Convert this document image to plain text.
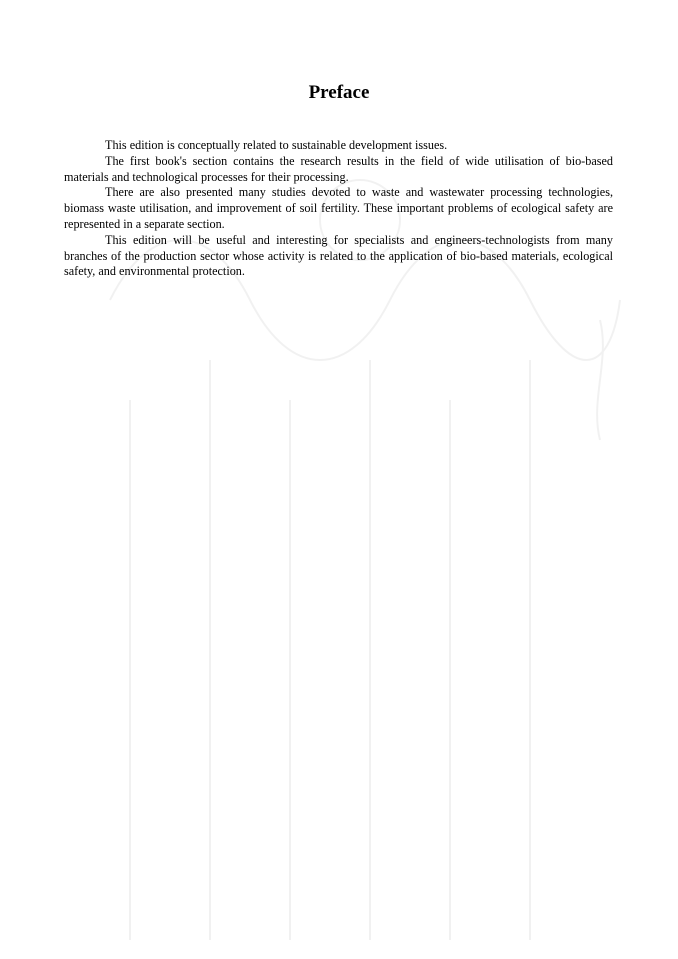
Preface

This edition is conceptually related to sustainable development issues.

The first book's section contains the research results in the field of wide utilisation of bio-based materials and technological processes for their processing.

There are also presented many studies devoted to waste and wastewater processing technologies, biomass waste utilisation, and improvement of soil fertility. These important problems of ecological safety are represented in a separate section.

This edition will be useful and interesting for specialists and engineers-technologists from many branches of the production sector whose activity is related to the application of bio-based materials, ecological safety, and environmental protection.
